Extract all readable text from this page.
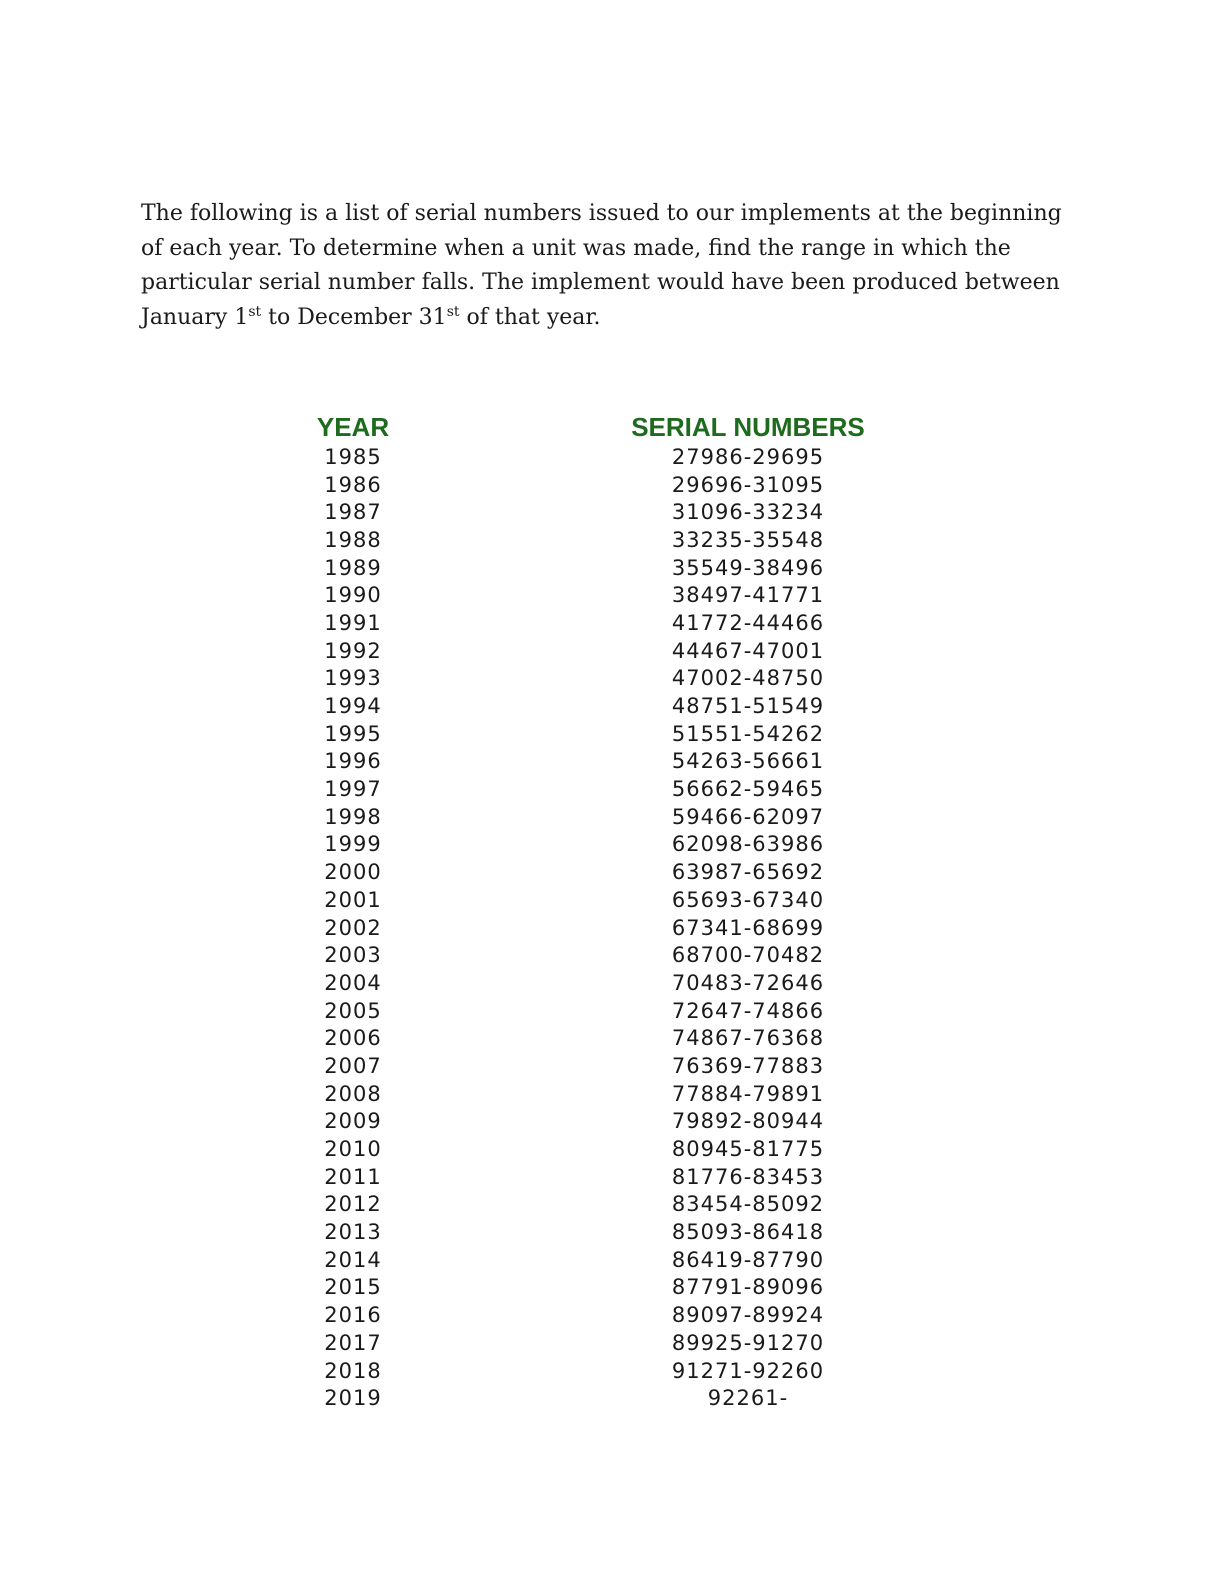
The following is a list of serial numbers issued to our implements at the beginning of each year. To determine when a unit was made, find the range in which the particular serial number falls. The implement would have been produced between January 1st to December 31st of that year.

YEAR	SERIAL NUMBERS
1985	27986-29695
1986	29696-31095
1987	31096-33234
1988	33235-35548
1989	35549-38496
1990	38497-41771
1991	41772-44466
1992	44467-47001
1993	47002-48750
1994	48751-51549
1995	51551-54262
1996	54263-56661
1997	56662-59465
1998	59466-62097
1999	62098-63986
2000	63987-65692
2001	65693-67340
2002	67341-68699
2003	68700-70482
2004	70483-72646
2005	72647-74866
2006	74867-76368
2007	76369-77883
2008	77884-79891
2009	79892-80944
2010	80945-81775
2011	81776-83453
2012	83454-85092
2013	85093-86418
2014	86419-87790
2015	87791-89096
2016	89097-89924
2017	89925-91270
2018	91271-92260
2019	92261-
